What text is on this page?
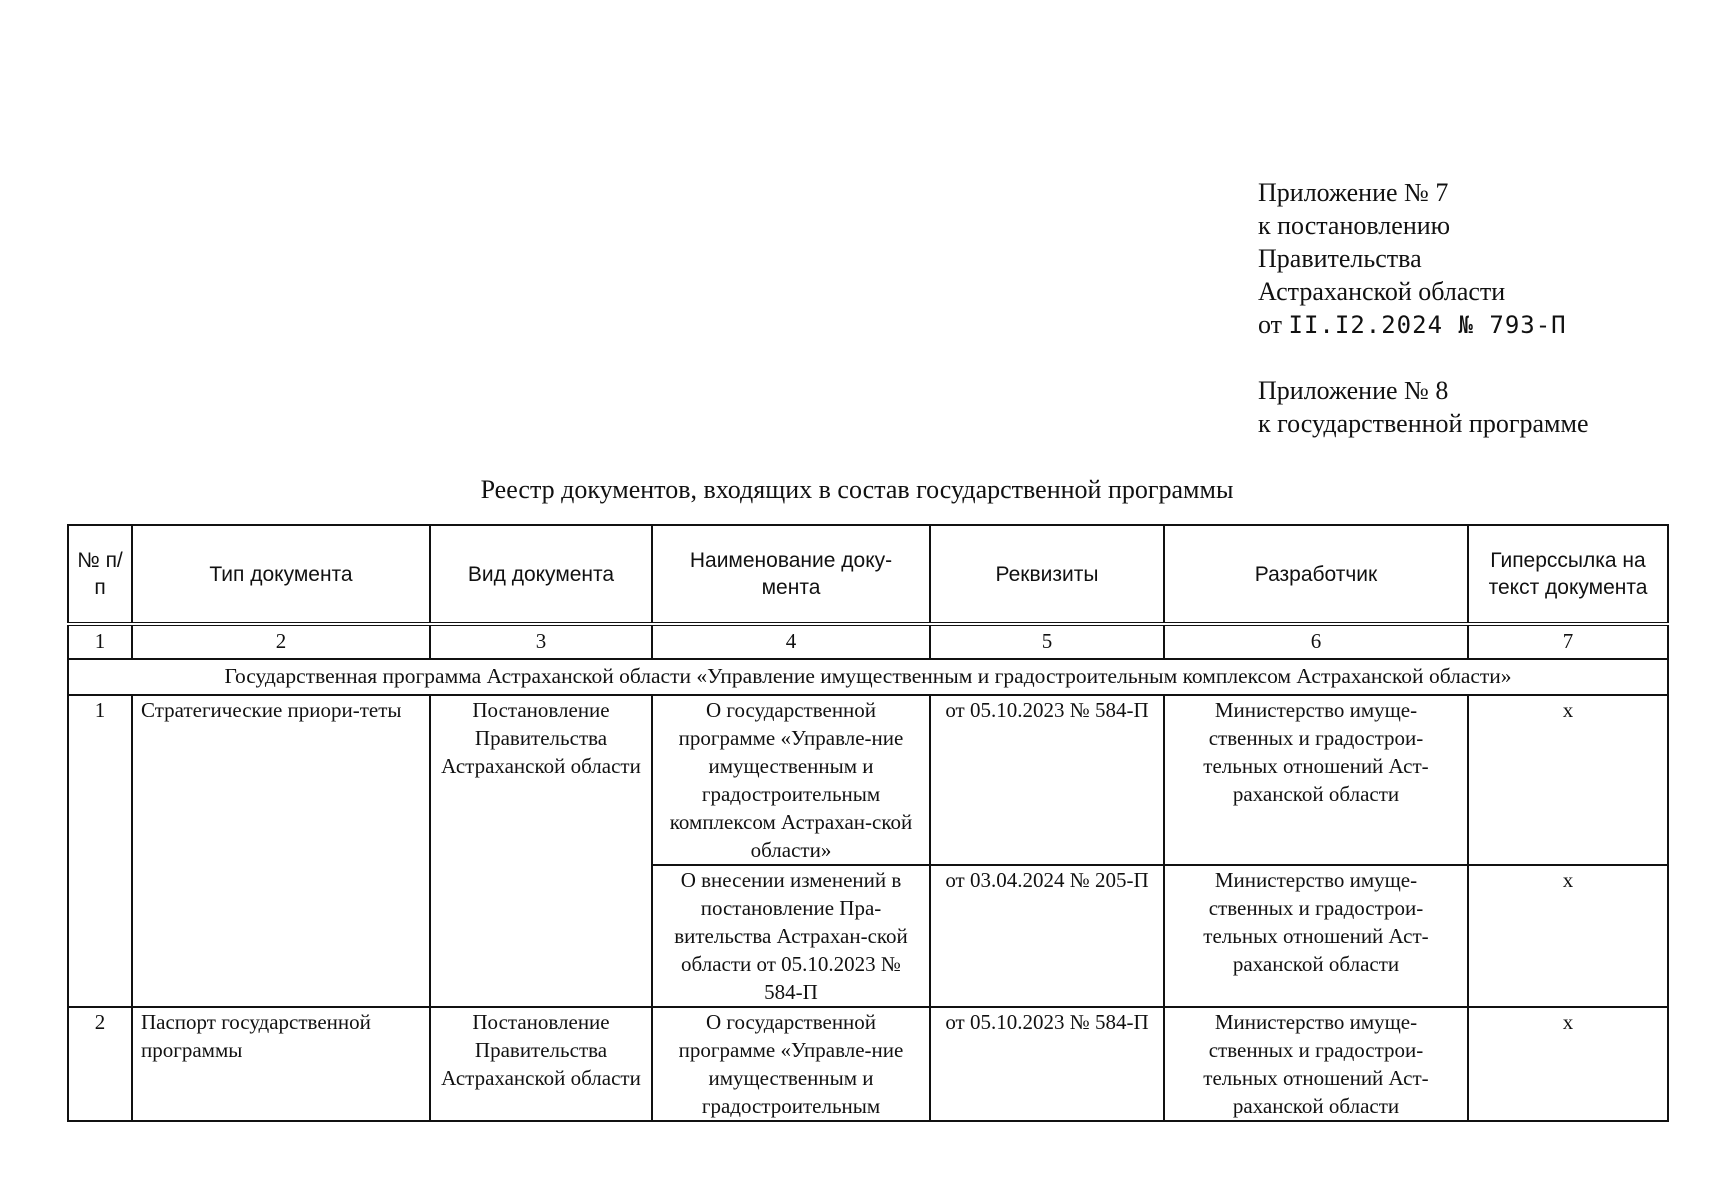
Приложение № 7
к постановлению
Правительства
Астраханской области
от II.I2.2024 № 793-П
Приложение № 8
к государственной программе
Реестр документов, входящих в состав государственной программы
№ п/п	Тип документа	Вид документа	Наименование доку-мента	Реквизиты	Разработчик	Гиперссылка на текст документа
1	2	3	4	5	6	7
Государственная программа Астраханской области «Управление имущественным и градостроительным комплексом Астраханской области»						
1	Стратегические приори-теты	Постановление Правительства Астраханской области	О государственной программе «Управле-ние имущественным и градостроительным комплексом Астрахан-ской области»	от 05.10.2023 № 584-П	Министерство имуще-ственных и градострои-тельных отношений Аст-раханской области	х
			О внесении изменений в постановление Пра-вительства Астрахан-ской области от 05.10.2023 № 584-П	от 03.04.2024 № 205-П	Министерство имуще-ственных и градострои-тельных отношений Аст-раханской области	х
2	Паспорт государственной программы	Постановление Правительства Астраханской области	О государственной программе «Управле-ние имущественным и градостроительным	от 05.10.2023 № 584-П	Министерство имуще-ственных и градострои-тельных отношений Аст-раханской области	х
